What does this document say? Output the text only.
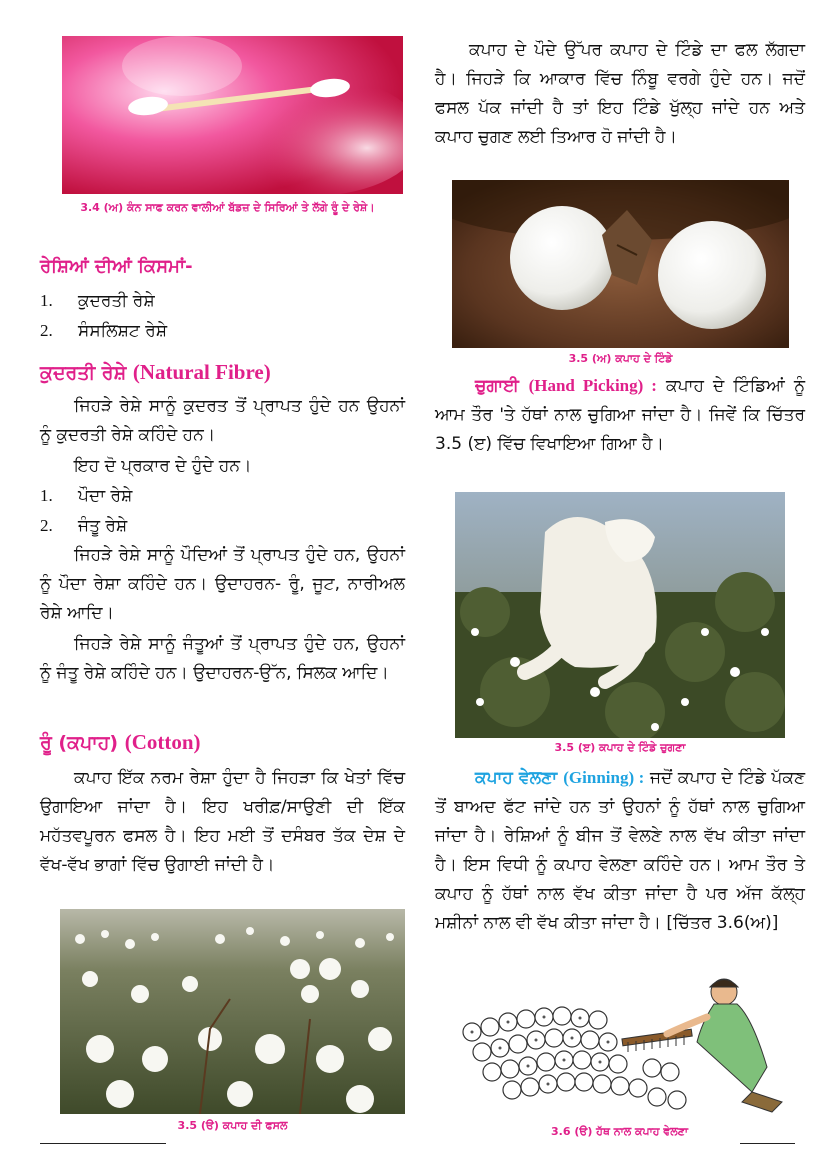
3.4 (ਅ) ਕੰਨ ਸਾਫ ਕਰਨ ਵਾਲੀਆਂ ਬੱਡਜ਼ ਦੇ ਸਿਰਿਆਂ ਤੇ ਲੱਗੇ ਰੂੰ ਦੇ ਰੇਸ਼ੇ।
ਰੇਸ਼ਿਆਂ ਦੀਆਂ ਕਿਸਮਾਂ-
1. ਕੁਦਰਤੀ ਰੇਸ਼ੇ
2. ਸੰਸਲਿਸ਼ਟ ਰੇਸ਼ੇ
ਕੁਦਰਤੀ ਰੇਸ਼ੇ (Natural Fibre)
ਜਿਹੜੇ ਰੇਸ਼ੇ ਸਾਨੂੰ ਕੁਦਰਤ ਤੋਂ ਪ੍ਰਾਪਤ ਹੁੰਦੇ ਹਨ ਉਹਨਾਂ ਨੂੰ ਕੁਦਰਤੀ ਰੇਸ਼ੇ ਕਹਿੰਦੇ ਹਨ।
ਇਹ ਦੋ ਪ੍ਰਕਾਰ ਦੇ ਹੁੰਦੇ ਹਨ।
1. ਪੌਦਾ ਰੇਸ਼ੇ
2. ਜੰਤੂ ਰੇਸ਼ੇ
ਜਿਹੜੇ ਰੇਸ਼ੇ ਸਾਨੂੰ ਪੌਦਿਆਂ ਤੋਂ ਪ੍ਰਾਪਤ ਹੁੰਦੇ ਹਨ, ਉਹਨਾਂ ਨੂੰ ਪੌਦਾ ਰੇਸ਼ਾ ਕਹਿੰਦੇ ਹਨ। ਉਦਾਹਰਨ- ਰੂੰ, ਜੂਟ, ਨਾਰੀਅਲ ਰੇਸ਼ੇ ਆਦਿ।
ਜਿਹੜੇ ਰੇਸ਼ੇ ਸਾਨੂੰ ਜੰਤੂਆਂ ਤੋਂ ਪ੍ਰਾਪਤ ਹੁੰਦੇ ਹਨ, ਉਹਨਾਂ ਨੂੰ ਜੰਤੂ ਰੇਸ਼ੇ ਕਹਿੰਦੇ ਹਨ। ਉਦਾਹਰਨ-ਉੱਨ, ਸਿਲਕ ਆਦਿ।
ਰੂੰ (ਕਪਾਹ) (Cotton)
ਕਪਾਹ ਇੱਕ ਨਰਮ ਰੇਸ਼ਾ ਹੁੰਦਾ ਹੈ ਜਿਹੜਾ ਕਿ ਖੇਤਾਂ ਵਿੱਚ ਉਗਾਇਆ ਜਾਂਦਾ ਹੈ। ਇਹ ਖਰੀਫ਼/ਸਾਉਣੀ ਦੀ ਇੱਕ ਮਹੱਤਵਪੂਰਨ ਫਸਲ ਹੈ। ਇਹ ਮਈ ਤੋਂ ਦਸੰਬਰ ਤੱਕ ਦੇਸ਼ ਦੇ ਵੱਖ-ਵੱਖ ਭਾਗਾਂ ਵਿੱਚ ਉਗਾਈ ਜਾਂਦੀ ਹੈ।
3.5 (ੳ) ਕਪਾਹ ਦੀ ਫਸਲ
ਕਪਾਹ ਦੇ ਪੌਦੇ ਉੱਪਰ ਕਪਾਹ ਦੇ ਟਿੰਡੇ ਦਾ ਫਲ ਲੱਗਦਾ ਹੈ। ਜਿਹੜੇ ਕਿ ਆਕਾਰ ਵਿੱਚ ਨਿੰਬੂ ਵਰਗੇ ਹੁੰਦੇ ਹਨ। ਜਦੋਂ ਫਸਲ ਪੱਕ ਜਾਂਦੀ ਹੈ ਤਾਂ ਇਹ ਟਿੰਡੇ ਖੁੱਲ੍ਹ ਜਾਂਦੇ ਹਨ ਅਤੇ ਕਪਾਹ ਚੁਗਣ ਲਈ ਤਿਆਰ ਹੋ ਜਾਂਦੀ ਹੈ।
3.5 (ਅ) ਕਪਾਹ ਦੇ ਟਿੰਡੇ
ਚੁਗਾਈ (Hand Picking) : ਕਪਾਹ ਦੇ ਟਿੰਡਿਆਂ ਨੂੰ ਆਮ ਤੌਰ 'ਤੇ ਹੱਥਾਂ ਨਾਲ ਚੁਗਿਆ ਜਾਂਦਾ ਹੈ। ਜਿਵੇਂ ਕਿ ਚਿੱਤਰ 3.5 (ੲ) ਵਿੱਚ ਵਿਖਾਇਆ ਗਿਆ ਹੈ।
3.5 (ੲ) ਕਪਾਹ ਦੇ ਟਿੰਡੇ ਚੁਗਣਾ
ਕਪਾਹ ਵੇਲਣਾ (Ginning) : ਜਦੋਂ ਕਪਾਹ ਦੇ ਟਿੰਡੇ ਪੱਕਣ ਤੋਂ ਬਾਅਦ ਫੱਟ ਜਾਂਦੇ ਹਨ ਤਾਂ ਉਹਨਾਂ ਨੂੰ ਹੱਥਾਂ ਨਾਲ ਚੁਗਿਆ ਜਾਂਦਾ ਹੈ। ਰੇਸ਼ਿਆਂ ਨੂੰ ਬੀਜ ਤੋਂ ਵੇਲਣੇ ਨਾਲ ਵੱਖ ਕੀਤਾ ਜਾਂਦਾ ਹੈ। ਇਸ ਵਿਧੀ ਨੂੰ ਕਪਾਹ ਵੇਲਣਾ ਕਹਿੰਦੇ ਹਨ। ਆਮ ਤੌਰ ਤੇ ਕਪਾਹ ਨੂੰ ਹੱਥਾਂ ਨਾਲ ਵੱਖ ਕੀਤਾ ਜਾਂਦਾ ਹੈ ਪਰ ਅੱਜ ਕੱਲ੍ਹ ਮਸ਼ੀਨਾਂ ਨਾਲ ਵੀ ਵੱਖ ਕੀਤਾ ਜਾਂਦਾ ਹੈ। [ਚਿੱਤਰ 3.6(ਅ)]
3.6 (ੳ) ਹੱਥ ਨਾਲ ਕਪਾਹ ਵੇਲਣਾ
